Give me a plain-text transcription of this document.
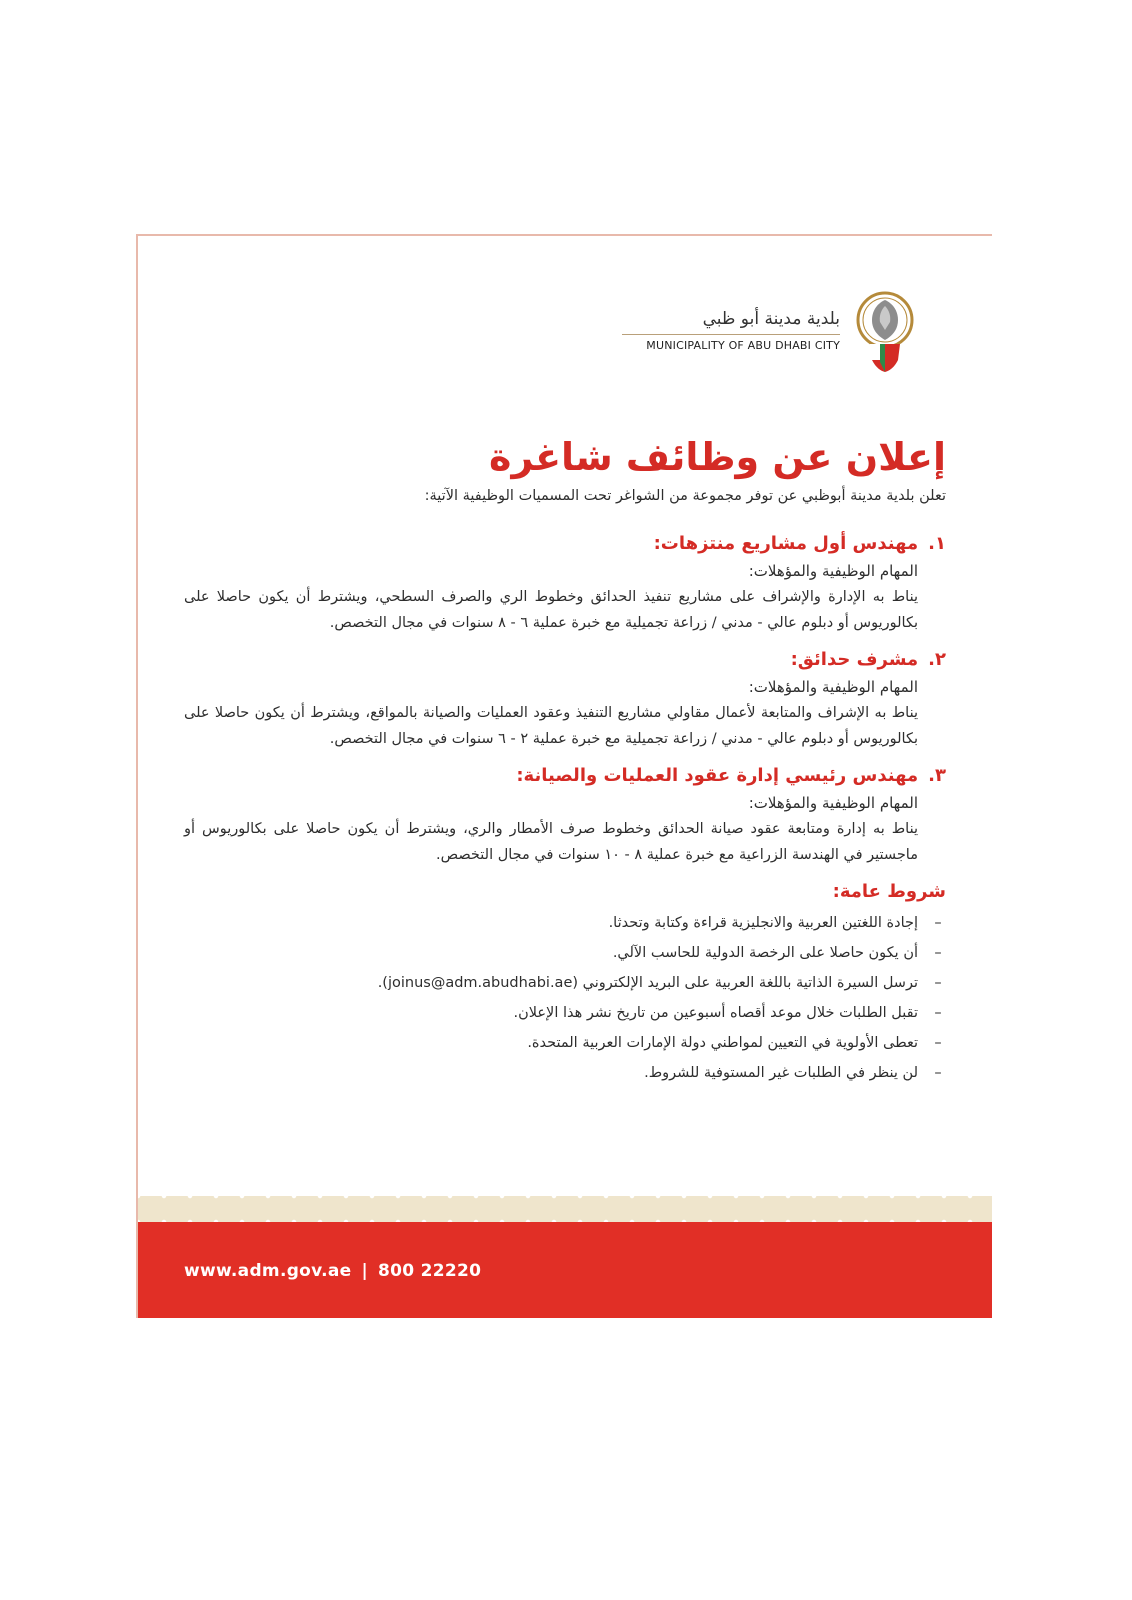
بلدية مدينة أبو ظبي
MUNICIPALITY OF ABU DHABI CITY
إعلان عن وظائف شاغرة
تعلن بلدية مدينة أبوظبي عن توفر مجموعة من الشواغر تحت المسميات الوظيفية الآتية:
١.
مهندس أول مشاريع منتزهات:
المهام الوظيفية والمؤهلات:
يناط به الإدارة والإشراف على مشاريع تنفيذ الحدائق وخطوط الري والصرف السطحي، ويشترط أن يكون حاصلا على بكالوريوس أو دبلوم عالي - مدني / زراعة تجميلية مع خبرة عملية ٦ - ٨ سنوات في مجال التخصص.
٢.
مشرف حدائق:
المهام الوظيفية والمؤهلات:
يناط به الإشراف والمتابعة لأعمال مقاولي مشاريع التنفيذ وعقود العمليات والصيانة بالمواقع، ويشترط أن يكون حاصلا على بكالوريوس أو دبلوم عالي - مدني / زراعة تجميلية مع خبرة عملية ٢ - ٦ سنوات في مجال التخصص.
٣.
مهندس رئيسي إدارة عقود العمليات والصيانة:
المهام الوظيفية والمؤهلات:
يناط به إدارة ومتابعة عقود صيانة الحدائق وخطوط صرف الأمطار والري، ويشترط أن يكون حاصلا على بكالوريوس أو ماجستير في الهندسة الزراعية مع خبرة عملية ٨ - ١٠ سنوات في مجال التخصص.
شروط عامة:
–
إجادة اللغتين العربية والانجليزية قراءة وكتابة وتحدثا.
–
أن يكون حاصلا على الرخصة الدولية للحاسب الآلي.
–
ترسل السيرة الذاتية باللغة العربية على البريد الإلكتروني (joinus@adm.abudhabi.ae).
–
تقبل الطلبات خلال موعد أقصاه أسبوعين من تاريخ نشر هذا الإعلان.
–
تعطى الأولوية في التعيين لمواطني دولة الإمارات العربية المتحدة.
–
لن ينظر في الطلبات غير المستوفية للشروط.
www.adm.gov.ae | 800 22220
